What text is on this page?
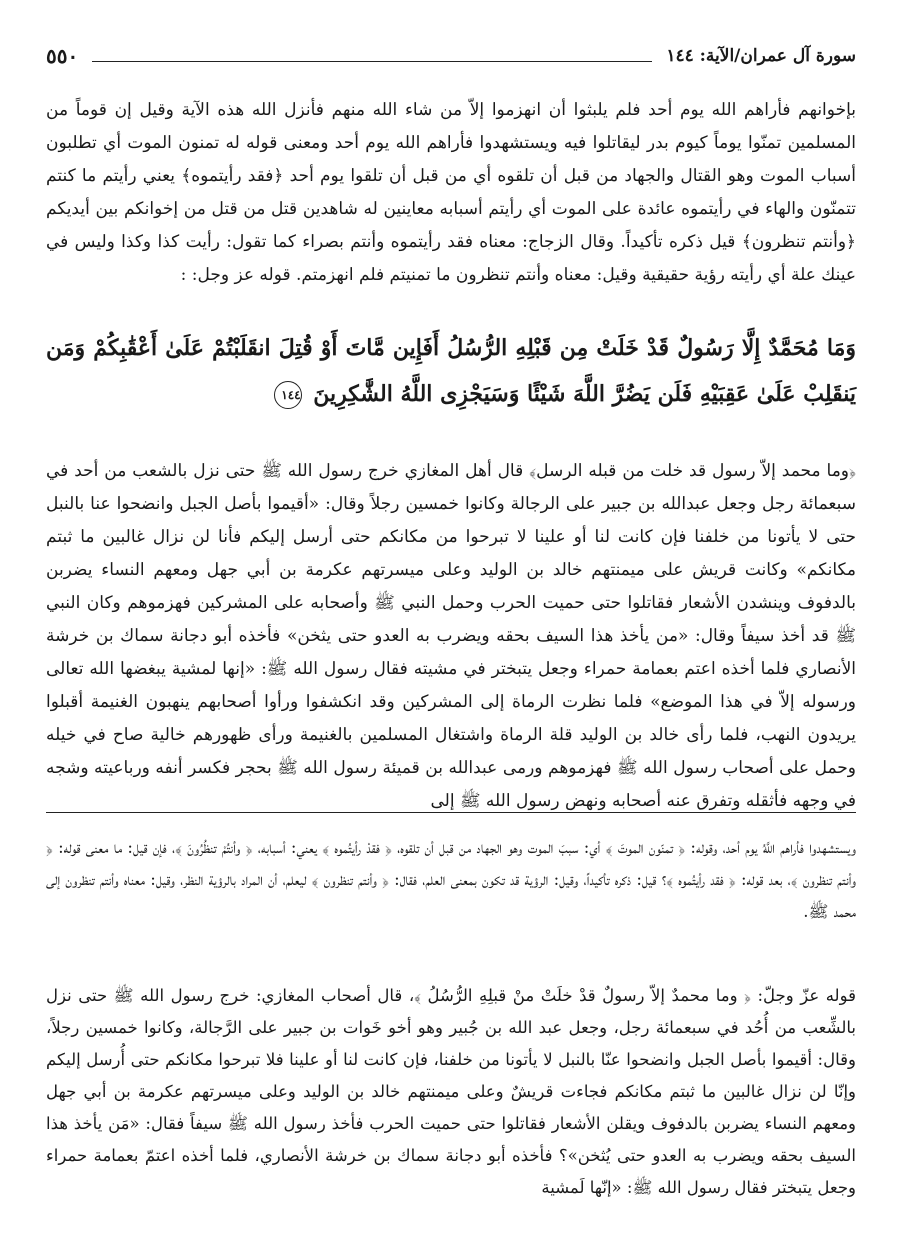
٥٥٠	سورة آل عمران/الآية: ١٤٤

بإخوانهم فأراهم الله يوم أحد فلم يلبثوا أن انهزموا إلاّ من شاء الله منهم فأنزل الله هذه الآية وقيل إن قوماً من المسلمين تمنّوا يوماً كيوم بدر ليقاتلوا فيه ويستشهدوا فأراهم الله يوم أحد ومعنى قوله له تمنون الموت أي تطلبون أسباب الموت وهو القتال والجهاد من قبل أن تلقوه أي من قبل أن تلقوا يوم أحد ﴿فقد رأيتموه﴾ يعني رأيتم ما كنتم تتمنّون والهاء في رأيتموه عائدة على الموت أي رأيتم أسبابه معاينين له شاهدين قتل من قتل من إخوانكم بين أيديكم ﴿وأنتم تنظرون﴾ قيل ذكره تأكيداً. وقال الزجاج: معناه فقد رأيتموه وأنتم بصراء كما تقول: رأيت كذا وكذا وليس في عينك علة أي رأيته رؤية حقيقية وقيل: معناه وأنتم تنظرون ما تمنيتم فلم انهزمتم. قوله عز وجل: :

وَمَا مُحَمَّدٌ إِلَّا رَسُولٌ قَدْ خَلَتْ مِن قَبْلِهِ الرُّسُلُ أَفَإِين مَّاتَ أَوْ قُتِلَ انقَلَبْتُمْ عَلَىٰ أَعْقَٰبِكُمْ وَمَن يَنقَلِبْ عَلَىٰ عَقِبَيْهِ فَلَن يَضُرَّ اللَّهَ شَيْئًا وَسَيَجْزِى اللَّهُ الشَّٰكِرِينَ ١٤٤

﴿وما محمد إلاّ رسول قد خلت من قبله الرسل﴾ قال أهل المغازي خرج رسول الله ﷺ حتى نزل بالشعب من أحد في سبعمائة رجل وجعل عبدالله بن جبير على الرجالة وكانوا خمسين رجلاً وقال: «أقيموا بأصل الجبل وانضحوا عنا بالنبل حتى لا يأتونا من خلفنا فإن كانت لنا أو علينا لا تبرحوا من مكانكم حتى أرسل إليكم فأنا لن نزال غالبين ما ثبتم مكانكم» وكانت قريش على ميمنتهم خالد بن الوليد وعلى ميسرتهم عكرمة بن أبي جهل ومعهم النساء يضربن بالدفوف وينشدن الأشعار فقاتلوا حتى حميت الحرب وحمل النبي ﷺ وأصحابه على المشركين فهزموهم وكان النبي ﷺ قد أخذ سيفاً وقال: «من يأخذ هذا السيف بحقه ويضرب به العدو حتى يثخن» فأخذه أبو دجانة سماك بن خرشة الأنصاري فلما أخذه اعتم بعمامة حمراء وجعل يتبختر في مشيته فقال رسول الله ﷺ: «إنها لمشية يبغضها الله تعالى ورسوله إلاّ في هذا الموضع» فلما نظرت الرماة إلى المشركين وقد انكشفوا ورأوا أصحابهم ينهبون الغنيمة أقبلوا يريدون النهب، فلما رأى خالد بن الوليد قلة الرماة واشتغال المسلمين بالغنيمة ورأى ظهورهم خالية صاح في خيله وحمل على أصحاب رسول الله ﷺ فهزموهم ورمى عبدالله بن قميئة رسول الله ﷺ بحجر فكسر أنفه ورباعيته وشجه في وجهه فأثقله وتفرق عنه أصحابه ونهض رسول الله ﷺ إلى

ويستشهدوا فأراهم اللَّهُ يوم أحد، وقوله: ﴿ تمنّون الموتَ ﴾ أي: سببَ الموت وهو الجهاد من قبل أن تلقوه، ﴿ فقدْ رأيتُموه ﴾ يعني: أسبابه، ﴿ وأنتُمْ تنظُرُونَ ﴾، فإن قيل: ما معنى قوله: ﴿ وأنتم تنظرون ﴾، بعد قوله: ﴿ فقد رأيتُموه ﴾؟ قيل: ذكره تأكيداً، وقيل: الرؤية قد تكون بمعنى العلم، فقال: ﴿ وأنتم تنظرون ﴾ ليعلم، أن المراد بالرؤية النظر، وقيل: معناه وأنتم تنظرون إلى محمد ﷺ.

قوله عزّ وجلّ: ﴿ وما محمدٌ إلاّ رسولٌ قدْ خلَتْ منْ قبلِهِ الرُّسُلُ ﴾، قال أصحاب المغازي: خرج رسول الله ﷺ حتى نزل بالشِّعب من أُحُد في سبعمائة رجل، وجعل عبد الله بن جُبير وهو أخو خَوات بن جبير على الرَّجالة، وكانوا خمسين رجلاً، وقال: أقيموا بأصل الجبل وانضحوا عنّا بالنبل لا يأتونا من خلفنا، فإن كانت لنا أو علينا فلا تبرحوا مكانكم حتى أُرسل إليكم وإنّا لن نزال غالبين ما ثبتم مكانكم فجاءت قريشٌ وعلى ميمنتهم خالد بن الوليد وعلى ميسرتهم عكرمة بن أبي جهل ومعهم النساء يضربن بالدفوف ويقلن الأشعار فقاتلوا حتى حميت الحرب فأخذ رسول الله ﷺ سيفاً فقال: «مَن يأخذ هذا السيف بحقه ويضرب به العدو حتى يُثخن»؟ فأخذه أبو دجانة سماك بن خرشة الأنصاري، فلما أخذه اعتمّ بعمامة حمراء وجعل يتبختر فقال رسول الله ﷺ: «إنّها لَمشية
